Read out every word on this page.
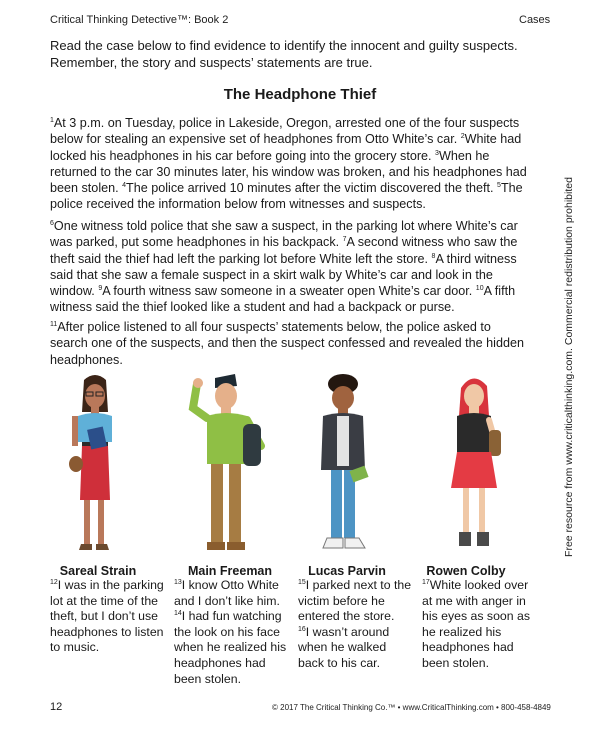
Critical Thinking Detective™: Book 2	Cases
Read the case below to find evidence to identify the innocent and guilty suspects. Remember, the story and suspects’ statements are true.
The Headphone Thief
$^1$At 3 p.m. on Tuesday, police in Lakeside, Oregon, arrested one of the four suspects below for stealing an expensive set of headphones from Otto White’s car. $^2$White had locked his headphones in his car before going into the grocery store. $^3$When he returned to the car 30 minutes later, his window was broken, and his headphones had been stolen. $^4$The police arrived 10 minutes after the victim discovered the theft. $^5$The police received the information below from witnesses and suspects.
$^6$One witness told police that she saw a suspect, in the parking lot where White’s car was parked, put some headphones in his backpack. $^7$A second witness who saw the theft said the thief had left the parking lot before White left the store. $^8$A third witness said that she saw a female suspect in a skirt walk by White’s car and look in the window. $^9$A fourth witness saw someone in a sweater open White’s car door. $^{10}$A fifth witness said the thief looked like a student and had a backpack or purse.
$^{11}$After police listened to all four suspects’ statements below, the police asked to search one of the suspects, and then the suspect confessed and revealed the hidden headphones.	Free resource from www.criticalthinking.com. Commercial redistribution prohibited
Sareal Strain	Main Freeman	Lucas Parvin	Rowen Colby
$^{12}$I was in the parking lot at the time of the theft, but I don’t use headphones to listen to music.
$^{13}$I know Otto White and I don’t like him.
$^{14}$I had fun watching the look on his face when he realized his headphones had been stolen.
$^{15}$I parked next to the victim before he entered the store.
$^{16}$I wasn’t around when he walked back to his car.
$^{17}$White looked over at me with anger in his eyes as soon as he realized his headphones had been stolen.
12	© 2017 The Critical Thinking Co.™ • www.CriticalThinking.com • 800-458-4849
